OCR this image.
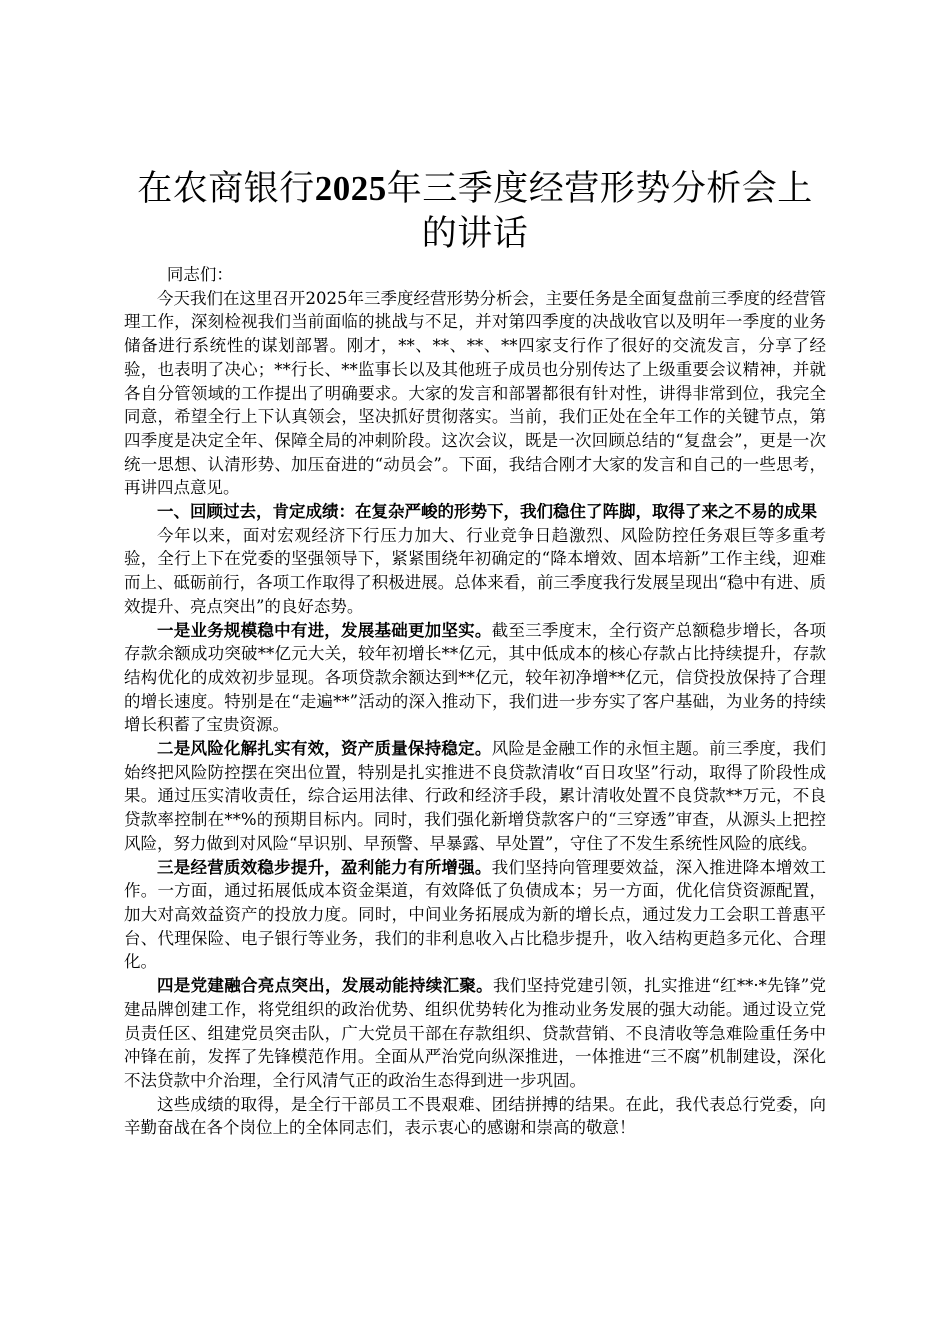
在农商银行2025年三季度经营形势分析会上的讲话

同志们：

今天我们在这里召开2025年三季度经营形势分析会，主要任务是全面复盘前三季度的经营管理工作，深刻检视我们当前面临的挑战与不足，并对第四季度的决战收官以及明年一季度的业务储备进行系统性的谋划部署。刚才，**、**、**、**四家支行作了很好的交流发言，分享了经验，也表明了决心；**行长、**监事长以及其他班子成员也分别传达了上级重要会议精神，并就各自分管领域的工作提出了明确要求。大家的发言和部署都很有针对性，讲得非常到位，我完全同意，希望全行上下认真领会，坚决抓好贯彻落实。当前，我们正处在全年工作的关键节点，第四季度是决定全年、保障全局的冲刺阶段。这次会议，既是一次回顾总结的“复盘会”，更是一次统一思想、认清形势、加压奋进的“动员会”。下面，我结合刚才大家的发言和自己的一些思考，再讲四点意见。

一、回顾过去，肯定成绩：在复杂严峻的形势下，我们稳住了阵脚，取得了来之不易的成果

今年以来，面对宏观经济下行压力加大、行业竞争日趋激烈、风险防控任务艰巨等多重考验，全行上下在党委的坚强领导下，紧紧围绕年初确定的“降本增效、固本培新”工作主线，迎难而上、砥砺前行，各项工作取得了积极进展。总体来看，前三季度我行发展呈现出“稳中有进、质效提升、亮点突出”的良好态势。

一是业务规模稳中有进，发展基础更加坚实。截至三季度末，全行资产总额稳步增长，各项存款余额成功突破**亿元大关，较年初增长**亿元，其中低成本的核心存款占比持续提升，存款结构优化的成效初步显现。各项贷款余额达到**亿元，较年初净增**亿元，信贷投放保持了合理的增长速度。特别是在“走遍**”活动的深入推动下，我们进一步夯实了客户基础，为业务的持续增长积蓄了宝贵资源。

二是风险化解扎实有效，资产质量保持稳定。风险是金融工作的永恒主题。前三季度，我们始终把风险防控摆在突出位置，特别是扎实推进不良贷款清收“百日攻坚”行动，取得了阶段性成果。通过压实清收责任，综合运用法律、行政和经济手段，累计清收处置不良贷款**万元，不良贷款率控制在**%的预期目标内。同时，我们强化新增贷款客户的“三穿透”审查，从源头上把控风险，努力做到对风险“早识别、早预警、早暴露、早处置”，守住了不发生系统性风险的底线。

三是经营质效稳步提升，盈利能力有所增强。我们坚持向管理要效益，深入推进降本增效工作。一方面，通过拓展低成本资金渠道，有效降低了负债成本；另一方面，优化信贷资源配置，加大对高效益资产的投放力度。同时，中间业务拓展成为新的增长点，通过发力工会职工普惠平台、代理保险、电子银行等业务，我们的非利息收入占比稳步提升，收入结构更趋多元化、合理化。

四是党建融合亮点突出，发展动能持续汇聚。我们坚持党建引领，扎实推进“红**·*先锋”党建品牌创建工作，将党组织的政治优势、组织优势转化为推动业务发展的强大动能。通过设立党员责任区、组建党员突击队，广大党员干部在存款组织、贷款营销、不良清收等急难险重任务中冲锋在前，发挥了先锋模范作用。全面从严治党向纵深推进，一体推进“三不腐”机制建设，深化不法贷款中介治理，全行风清气正的政治生态得到进一步巩固。

这些成绩的取得，是全行干部员工不畏艰难、团结拼搏的结果。在此，我代表总行党委，向辛勤奋战在各个岗位上的全体同志们，表示衷心的感谢和崇高的敬意！
